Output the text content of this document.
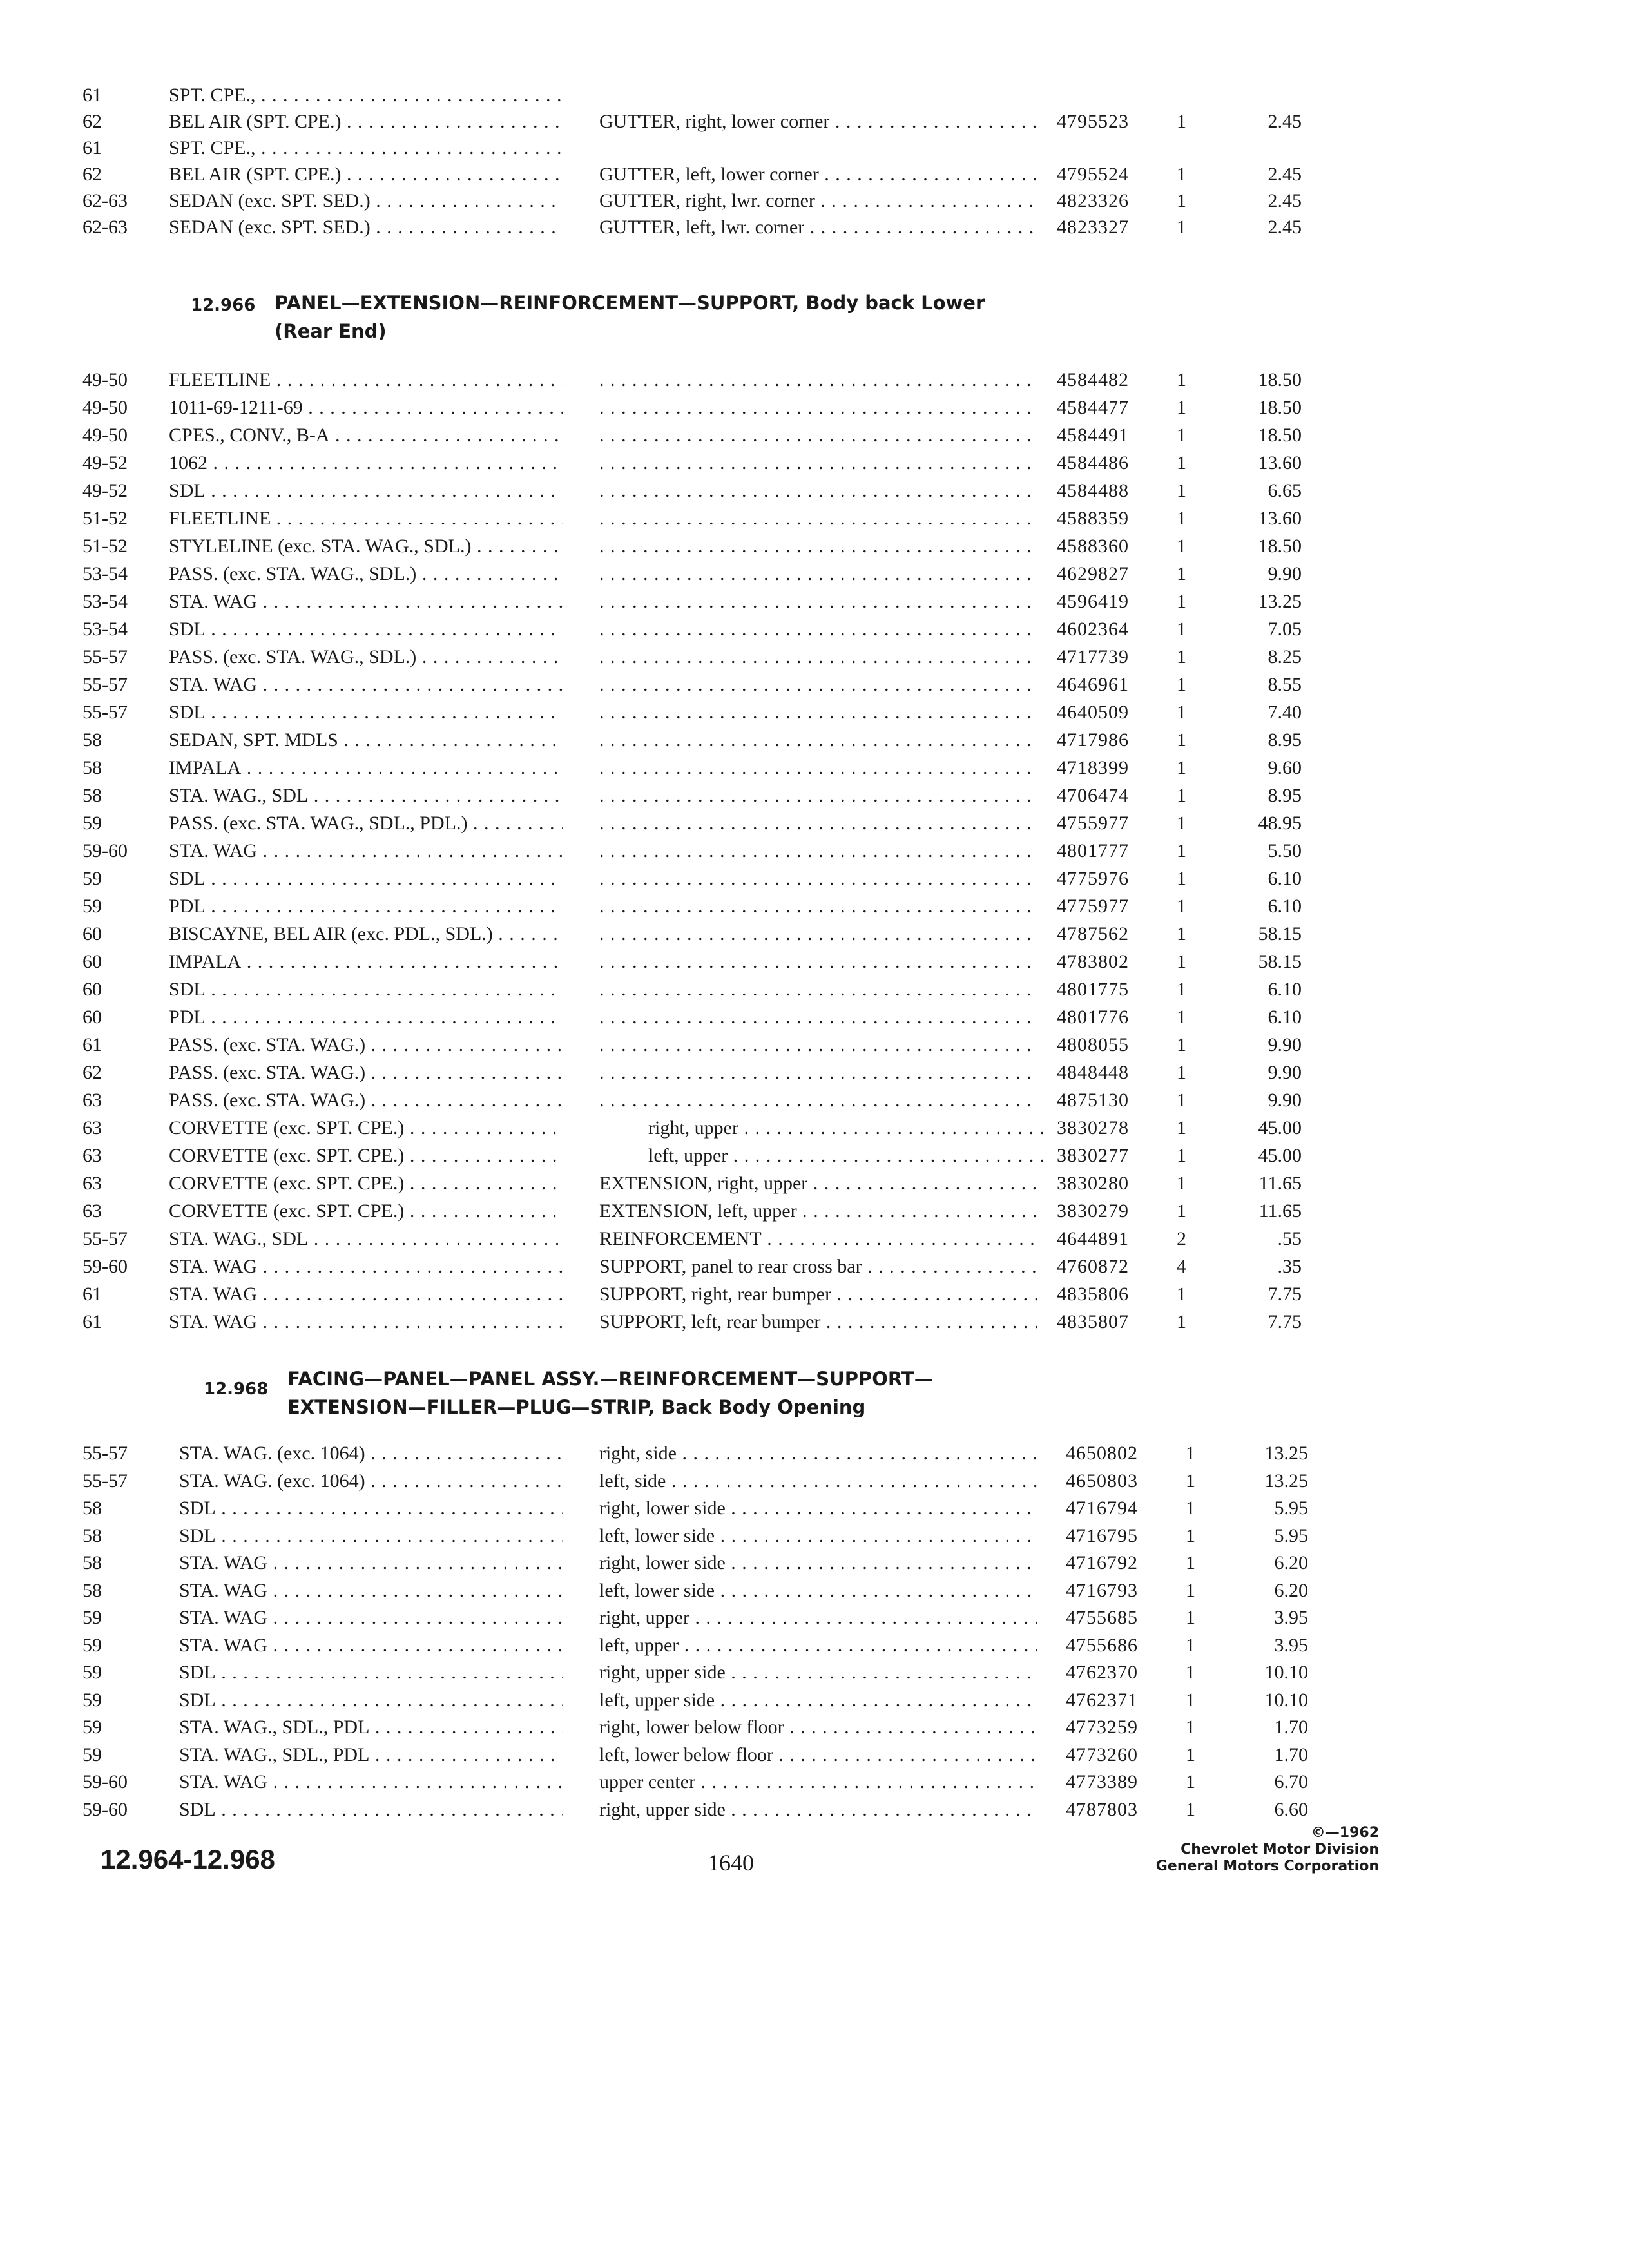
61	SPT. CPE., . . .
62	BEL AIR (SPT. CPE.) . . .	GUTTER, right, lower corner . . .	4795523 1	2.45
61	SPT. CPE., . . .
62	BEL AIR (SPT. CPE.) . . .	GUTTER, left, lower corner . . .	4795524 1	2.45
62-63 SEDAN (exc. SPT. SED.) . . .	GUTTER, right, lwr. corner . . .	4823326 1	2.45
62-63 SEDAN (exc. SPT. SED.) . . .	GUTTER, left, lwr. corner . . .	4823327 1	2.45
12.966 PANEL—EXTENSION—REINFORCEMENT—SUPPORT, Body back Lower
(Rear End)
49-50 FLEETLINE . . . . . .	4584482 1	18.50
49-50 1011-69-1211-69 . . . . . .	4584477 1	18.50
49-50 CPES., CONV., B-A . . . . . .	4584491 1	18.50
49-52 1062 . . . . . .	4584486 1	13.60
49-52 SDL . . . . . .	4584488 1	6.65
51-52 FLEETLINE . . . . . .	4588359 1	13.60
51-52 STYLELINE (exc. STA. WAG., SDL.) . . . . . .	4588360 1	18.50
53-54 PASS. (exc. STA. WAG., SDL.) . . . . . .	4629827 1	9.90
53-54 STA. WAG . . . . . .	4596419 1	13.25
53-54 SDL . . . . . .	4602364 1	7.05
55-57 PASS. (exc. STA. WAG., SDL.) . . . . . .	4717739 1	8.25
55-57 STA. WAG . . . . . .	4646961 1	8.55
55-57 SDL . . . . . .	4640509 1	7.40
58	SEDAN, SPT. MDLS . . . . . .	4717986 1	8.95
58	IMPALA . . . . . .	4718399 1	9.60
58	STA. WAG., SDL . . . . . .	4706474 1	8.95
59	PASS. (exc. STA. WAG., SDL., PDL.) . . . . . .	4755977 1	48.95
59-60 STA. WAG . . . . . .	4801777 1	5.50
59	SDL . . . . . .	4775976 1	6.10
59	PDL . . . . . .	4775977 1	6.10
60	BISCAYNE, BEL AIR (exc. PDL., SDL.) . . . . . .	4787562 1	58.15
60	IMPALA . . . . . .	4783802 1	58.15
60	SDL . . . . . .	4801775 1	6.10
60	PDL . . . . . .	4801776 1	6.10
61	PASS. (exc. STA. WAG.) . . . . . .	4808055 1	9.90
62	PASS. (exc. STA. WAG.) . . . . . .	4848448 1	9.90
63	PASS. (exc. STA. WAG.) . . . . . .	4875130 1	9.90
63	CORVETTE (exc. SPT. CPE.) . . .	right, upper . . .	3830278 1	45.00
63	CORVETTE (exc. SPT. CPE.) . . .	left, upper . . .	3830277 1	45.00
63	CORVETTE (exc. SPT. CPE.) . . .	EXTENSION, right, upper . . .	3830280 1	11.65
63	CORVETTE (exc. SPT. CPE.) . . .	EXTENSION, left, upper . . .	3830279 1	11.65
55-57 STA. WAG., SDL . . .	REINFORCEMENT . . .	4644891 2	.55
59-60 STA. WAG . . .	SUPPORT, panel to rear cross bar . . .	4760872 4	.35
61	STA. WAG . . .	SUPPORT, right, rear bumper . . .	4835806 1	7.75
61	STA. WAG . . .	SUPPORT, left, rear bumper . . .	4835807 1	7.75
12.968 FACING—PANEL—PANEL ASSY.—REINFORCEMENT—SUPPORT—
EXTENSION—FILLER—PLUG—STRIP, Back Body Opening
55-57	STA. WAG. (exc. 1064) . . .	right, side . . .	4650802 1	13.25
55-57	STA. WAG. (exc. 1064) . . .	left, side . . .	4650803 1	13.25
58	SDL . . .	right, lower side . . .	4716794 1	5.95
58	SDL . . .	left, lower side . . .	4716795 1	5.95
58	STA. WAG . . .	right, lower side . . .	4716792 1	6.20
58	STA. WAG . . .	left, lower side . . .	4716793 1	6.20
59	STA. WAG . . .	right, upper . . .	4755685 1	3.95
59	STA. WAG . . .	left, upper . . .	4755686 1	3.95
59	SDL . . .	right, upper side . . .	4762370 1	10.10
59	SDL . . .	left, upper side . . .	4762371 1	10.10
59	STA. WAG., SDL., PDL . . .	right, lower below floor . . .	4773259 1	1.70
59	STA. WAG., SDL., PDL . . .	left, lower below floor . . .	4773260 1	1.70
59-60	STA. WAG . . .	upper center . . .	4773389 1	6.70
59-60	SDL . . .	right, upper side . . .	4787803 1	6.60
12.964-12.968	1640
©—1962
Chevrolet Motor Division
General Motors Corporation
